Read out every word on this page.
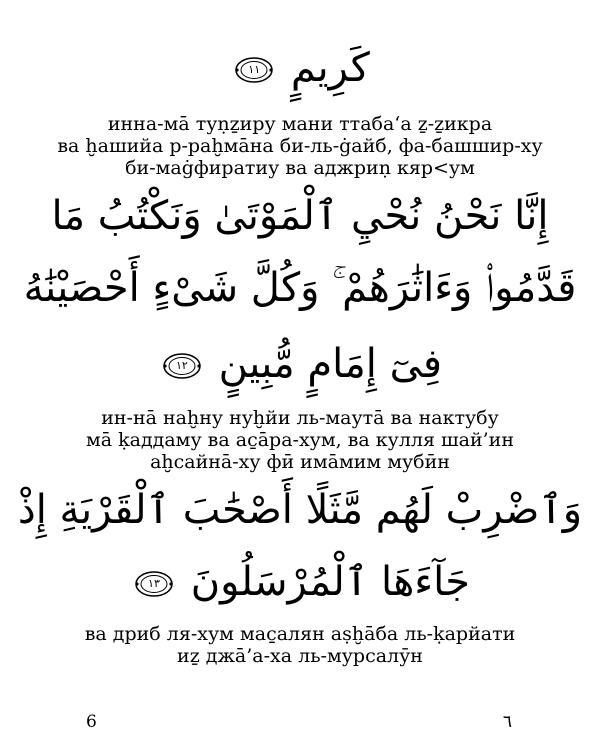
كَرِيمٍ
١١
инна-мā туṇẕиру мани ттаба‘а ẕ-ẕикра
ва ḫашийа р-раḫмāна би-ль-ġайб, фа-башшир-ху
би-маġфиратиу ва аджриṇ кяр<ум
إِنَّا نَحْنُ نُحْيِ ٱلْمَوْتَىٰ وَنَكْتُبُ مَا
قَدَّمُوا۟ وَءَاثَٰرَهُمْ ۚ وَكُلَّ شَىْءٍ أَحْصَيْنَٰهُ
فِىٓ إِمَامٍ مُّبِينٍ
١٢
ин-нā наḫну нуḫйи ль-маутā ва нактубу
мā ḳаддаму ва ас̱āра-хум, ва кулля шай’ин
аḫсайнā-ху фӣ имāмим мубӣн
وَٱضْرِبْ لَهُم مَّثَلًا أَصْحَٰبَ ٱلْقَرْيَةِ إِذْ
جَآءَهَا ٱلْمُرْسَلُونَ
١٣
ва дриб ля-хум мас̱алян аṣḫāба ль-ḳарйати
иẕ джā’а-ха ль-мурсалӯн
6	٦
